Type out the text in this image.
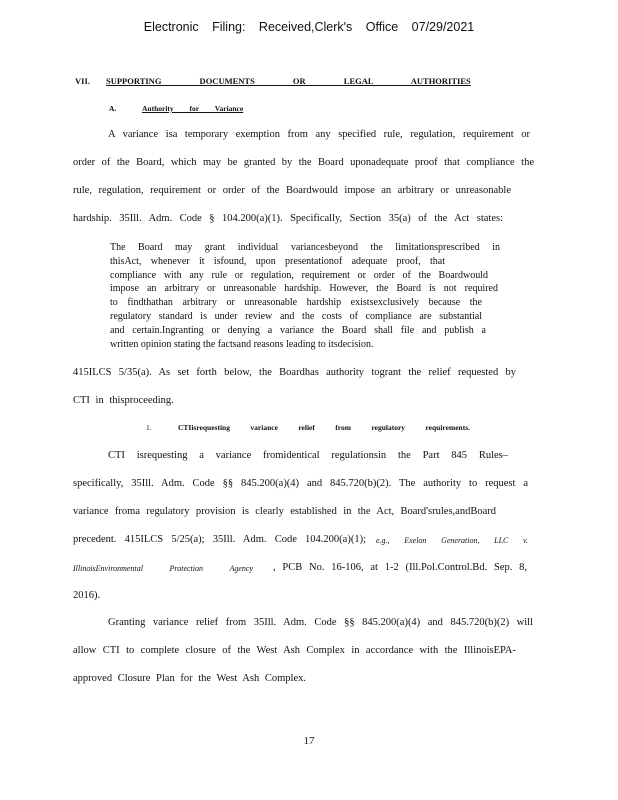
Electronic Filing: Received,Clerk's Office 07/29/2021
VII. SUPPORTING DOCUMENTS OR LEGAL AUTHORITIES
A.	Authority for Variance
A variance isa temporary exemption from any specified rule, regulation, requirement or
order of the Board, which may be granted by the Board uponadequate proof that compliance the
rule, regulation, requirement or order of the Boardwould impose an arbitrary or unreasonable
hardship. 35Ill. Adm. Code § 104.200(a)(1). Specifically, Section 35(a) of the Act states:
The Board may grant individual variancesbeyond the limitationsprescribed in
thisAct, whenever it isfound, upon presentationof adequate proof, that
compliance with any rule or regulation, requirement or order of the Boardwould
impose an arbitrary or unreasonable hardship. However, the Board is not required
to findthathan arbitrary or unreasonable hardship existsexclusively because the
regulatory standard is under review and the costs of compliance are substantial
and certain.Ingranting or denying a variance the Board shall file and publish a
written opinion stating the factsand reasons leading to itsdecision.
415ILCS 5/35(a). As set forth below, the Boardhas authority togrant the relief requested by
CTI in thisproceeding.
1.	CTIisrequesting variance relief from regulatory requirements.
CTI isrequesting a variance fromidentical regulationsin the Part 845 Rules–
specifically, 35Ill. Adm. Code §§ 845.200(a)(4) and 845.720(b)(2). The authority to request a
variance froma regulatory provision is clearly established in the Act, Board'srules,andBoard
precedent. 415ILCS 5/25(a); 35Ill. Adm. Code 104.200(a)(1); e.g., Exelon Generation, LLC v.
IllinoisEnvironmental Protection Agency , PCB No. 16-106, at 1-2 (Ill.Pol.Control.Bd. Sep. 8,
2016).
Granting variance relief from 35Ill. Adm. Code §§ 845.200(a)(4) and 845.720(b)(2) will
allow CTI to complete closure of the West Ash Complex in accordance with the IllinoisEPA-
approved Closure Plan for the West Ash Complex.
17
